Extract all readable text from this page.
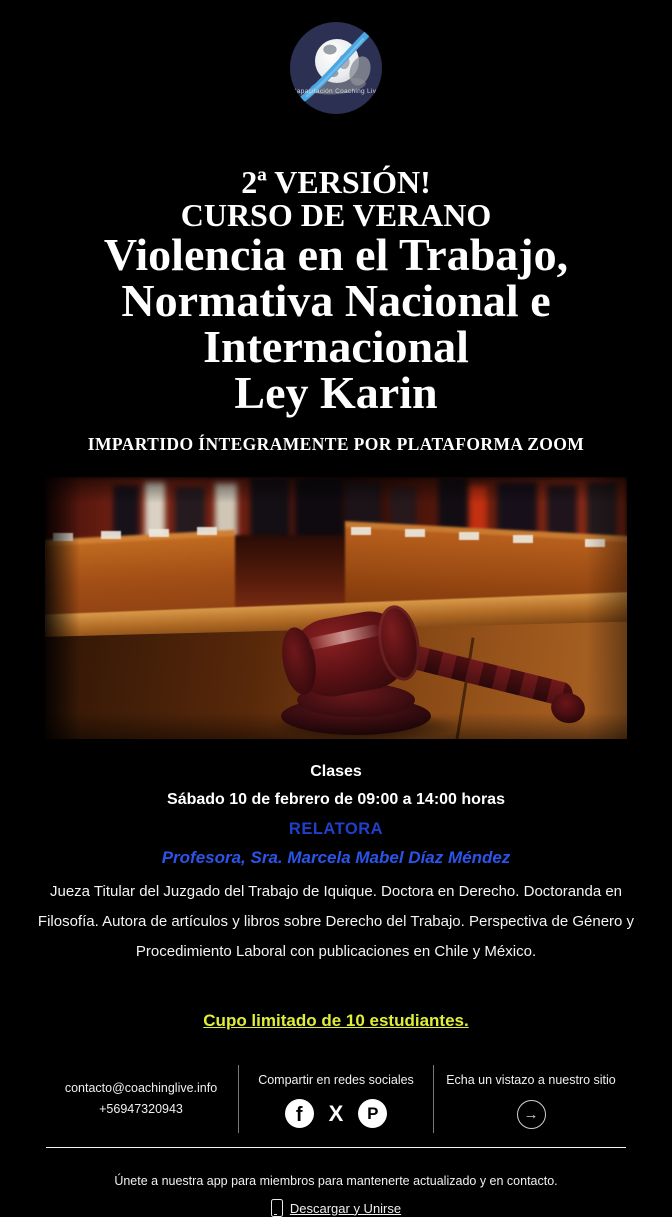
Capacitación Coaching Live
2ª VERSIÓN!
CURSO DE VERANO
Violencia en el Trabajo,
Normativa Nacional e
Internacional
Ley Karin
IMPARTIDO ÍNTEGRAMENTE POR PLATAFORMA ZOOM
Clases
Sábado 10 de febrero de 09:00 a 14:00 horas
RELATORA
Profesora, Sra. Marcela Mabel Díaz Méndez

Jueza Titular del Juzgado del Trabajo de Iquique. Doctora en Derecho. Doctoranda en Filosofía. Autora de artículos y libros sobre Derecho del Trabajo. Perspectiva de Género y Procedimiento Laboral con publicaciones en Chile y México.

Cupo limitado de 10 estudiantes.
contacto@coachinglive.info
+56947320943
Compartir en redes sociales
f X P
Echa un vistazo a nuestro sitio
→
Únete a nuestra app para miembros para mantenerte actualizado y en contacto.
Descargar y Unirse
